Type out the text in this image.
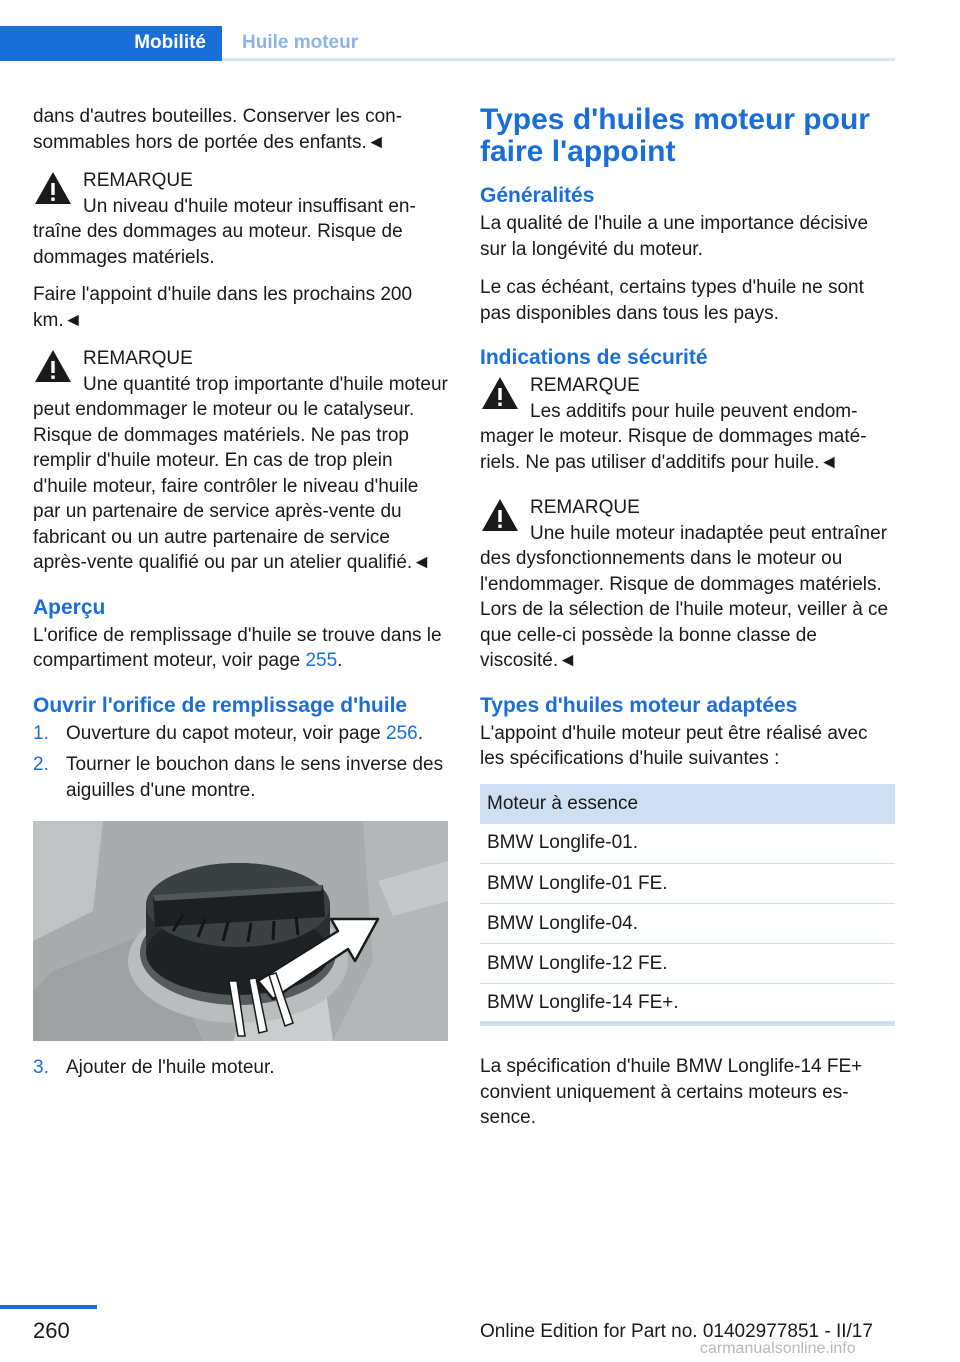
Mobilité Huile moteur

dans d'autres bouteilles. Conserver les consommables hors de portée des enfants.◄

REMARQUE
Un niveau d'huile moteur insuffisant entraîne des dommages au moteur. Risque de dommages matériels.

Faire l'appoint d'huile dans les prochains 200 km.◄

REMARQUE
Une quantité trop importante d'huile moteur peut endommager le moteur ou le catalyseur. Risque de dommages matériels. Ne pas trop remplir d'huile moteur. En cas de trop plein d'huile moteur, faire contrôler le niveau d'huile par un partenaire de service après-vente du fabricant ou un autre partenaire de service après-vente qualifié ou par un atelier qualifié.◄
Aperçu

L'orifice de remplissage d'huile se trouve dans le compartiment moteur, voir page 255.

Ouvrir l'orifice de remplissage d'huile
1. Ouverture du capot moteur, voir page 256.
2. Tourner le bouchon dans le sens inverse des aiguilles d'une montre.
3. Ajouter de l'huile moteur.
Types d'huiles moteur pour faire l'appoint
Généralités

La qualité de l'huile a une importance décisive sur la longévité du moteur.

Le cas échéant, certains types d'huile ne sont pas disponibles dans tous les pays.

Indications de sécurité
REMARQUE
Les additifs pour huile peuvent endommager le moteur. Risque de dommages matériels. Ne pas utiliser d'additifs pour huile.◄
REMARQUE
Une huile moteur inadaptée peut entraîner des dysfonctionnements dans le moteur ou l'endommager. Risque de dommages matériels. Lors de la sélection de l'huile moteur, veiller à ce que celle-ci possède la bonne classe de viscosité.◄
Types d'huiles moteur adaptées

L'appoint d'huile moteur peut être réalisé avec les spécifications d'huile suivantes :

Moteur à essence
BMW Longlife-01.
BMW Longlife-01 FE.
BMW Longlife-04.
BMW Longlife-12 FE.
BMW Longlife-14 FE+.

La spécification d'huile BMW Longlife-14 FE+ convient uniquement à certains moteurs essence.

260	Online Edition for Part no. 01402977851 - II/17
carmanualsonline.info
